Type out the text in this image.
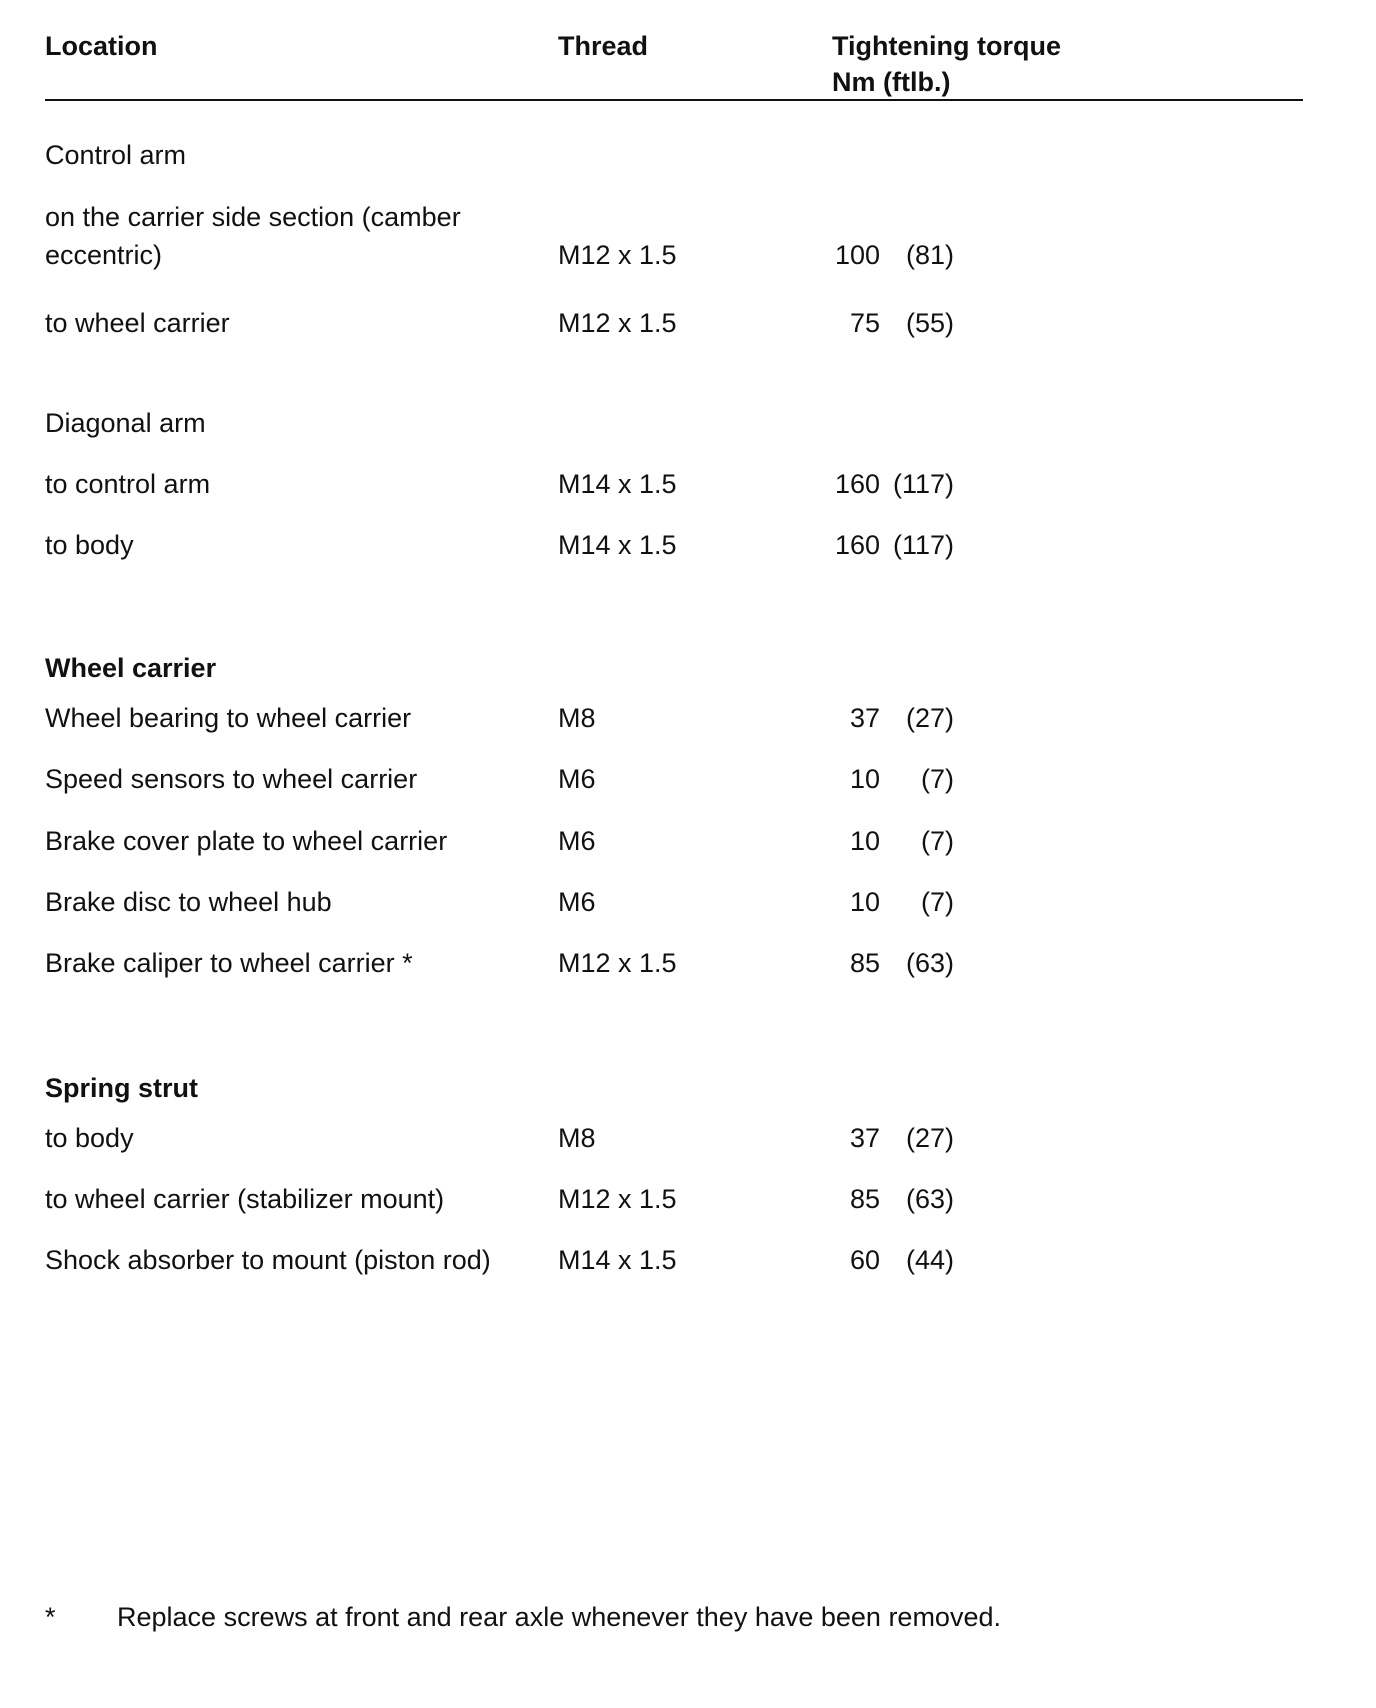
Location	Thread	Tightening torque
Nm (ftlb.)
Control arm
on the carrier side section (camber
eccentric)	M12 x 1.5	100 (81)
to wheel carrier	M12 x 1.5	75 (55)
Diagonal arm
to control arm	M14 x 1.5	160 (117)
to body	M14 x 1.5	160 (117)
Wheel carrier
Wheel bearing to wheel carrier	M8	37 (27)
Speed sensors to wheel carrier	M6	10	(7)
Brake cover plate to wheel carrier	M6	10	(7)
Brake disc to wheel hub	M6	10	(7)
Brake caliper to wheel carrier *	M12 x 1.5	85 (63)
Spring strut
to body	M8	37 (27)
to wheel carrier (stabilizer mount)	M12 x 1.5	85 (63)
Shock absorber to mount (piston rod) M14 x 1.5	60 (44)
* Replace screws at front and rear axle whenever they have been removed.
